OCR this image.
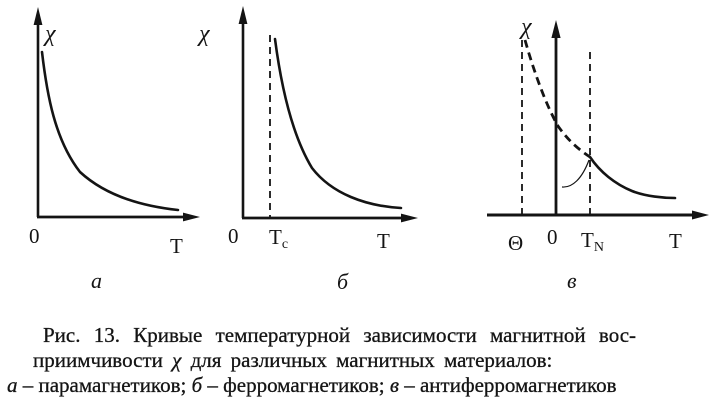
χ
0	T
а
χ
0 Tc	T
б
χ
Θ 0 TN	T
в
Рис. 13. Кривые температурной зависимости магнитной вос-
приимчивости χ для различных магнитных материалов:
а – парамагнетиков; б – ферромагнетиков; в – антиферромагнетиков
